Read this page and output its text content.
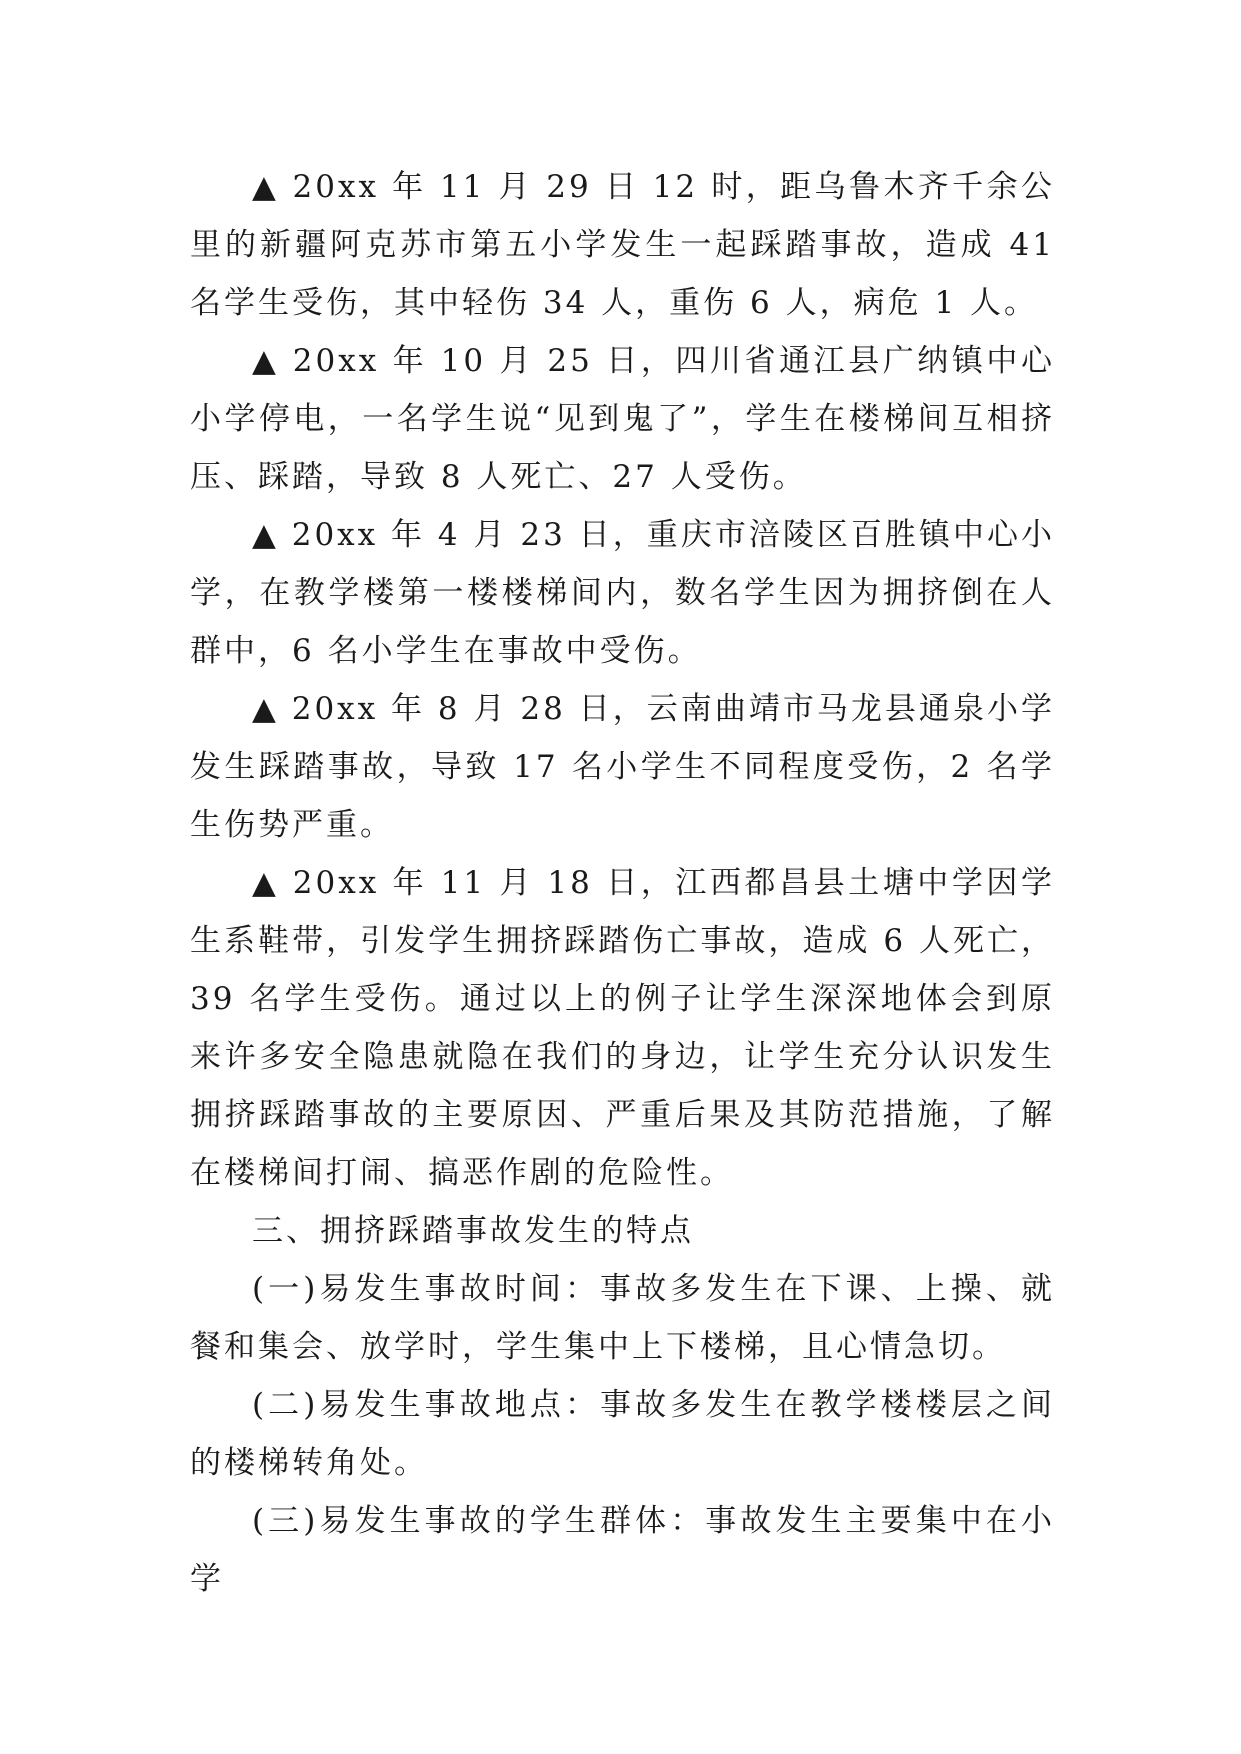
▲ 20xx 年 11 月 29 日 12 时，距乌鲁木齐千余公里的新疆阿克苏市第五小学发生一起踩踏事故，造成 41 名学生受伤，其中轻伤 34 人，重伤 6 人，病危 1 人。

▲ 20xx 年 10 月 25 日，四川省通江县广纳镇中心小学停电，一名学生说“见到鬼了”，学生在楼梯间互相挤压、踩踏，导致 8 人死亡、27 人受伤。

▲ 20xx 年 4 月 23 日，重庆市涪陵区百胜镇中心小学，在教学楼第一楼楼梯间内，数名学生因为拥挤倒在人群中，6 名小学生在事故中受伤。

▲ 20xx 年 8 月 28 日，云南曲靖市马龙县通泉小学发生踩踏事故，导致 17 名小学生不同程度受伤，2 名学生伤势严重。

▲ 20xx 年 11 月 18 日，江西都昌县土塘中学因学生系鞋带，引发学生拥挤踩踏伤亡事故，造成 6 人死亡，39 名学生受伤。通过以上的例子让学生深深地体会到原来许多安全隐患就隐在我们的身边，让学生充分认识发生拥挤踩踏事故的主要原因、严重后果及其防范措施，了解在楼梯间打闹、搞恶作剧的危险性。

三、拥挤踩踏事故发生的特点

(一)易发生事故时间：事故多发生在下课、上操、就餐和集会、放学时，学生集中上下楼梯，且心情急切。

(二)易发生事故地点：事故多发生在教学楼楼层之间的楼梯转角处。

(三)易发生事故的学生群体：事故发生主要集中在小学
